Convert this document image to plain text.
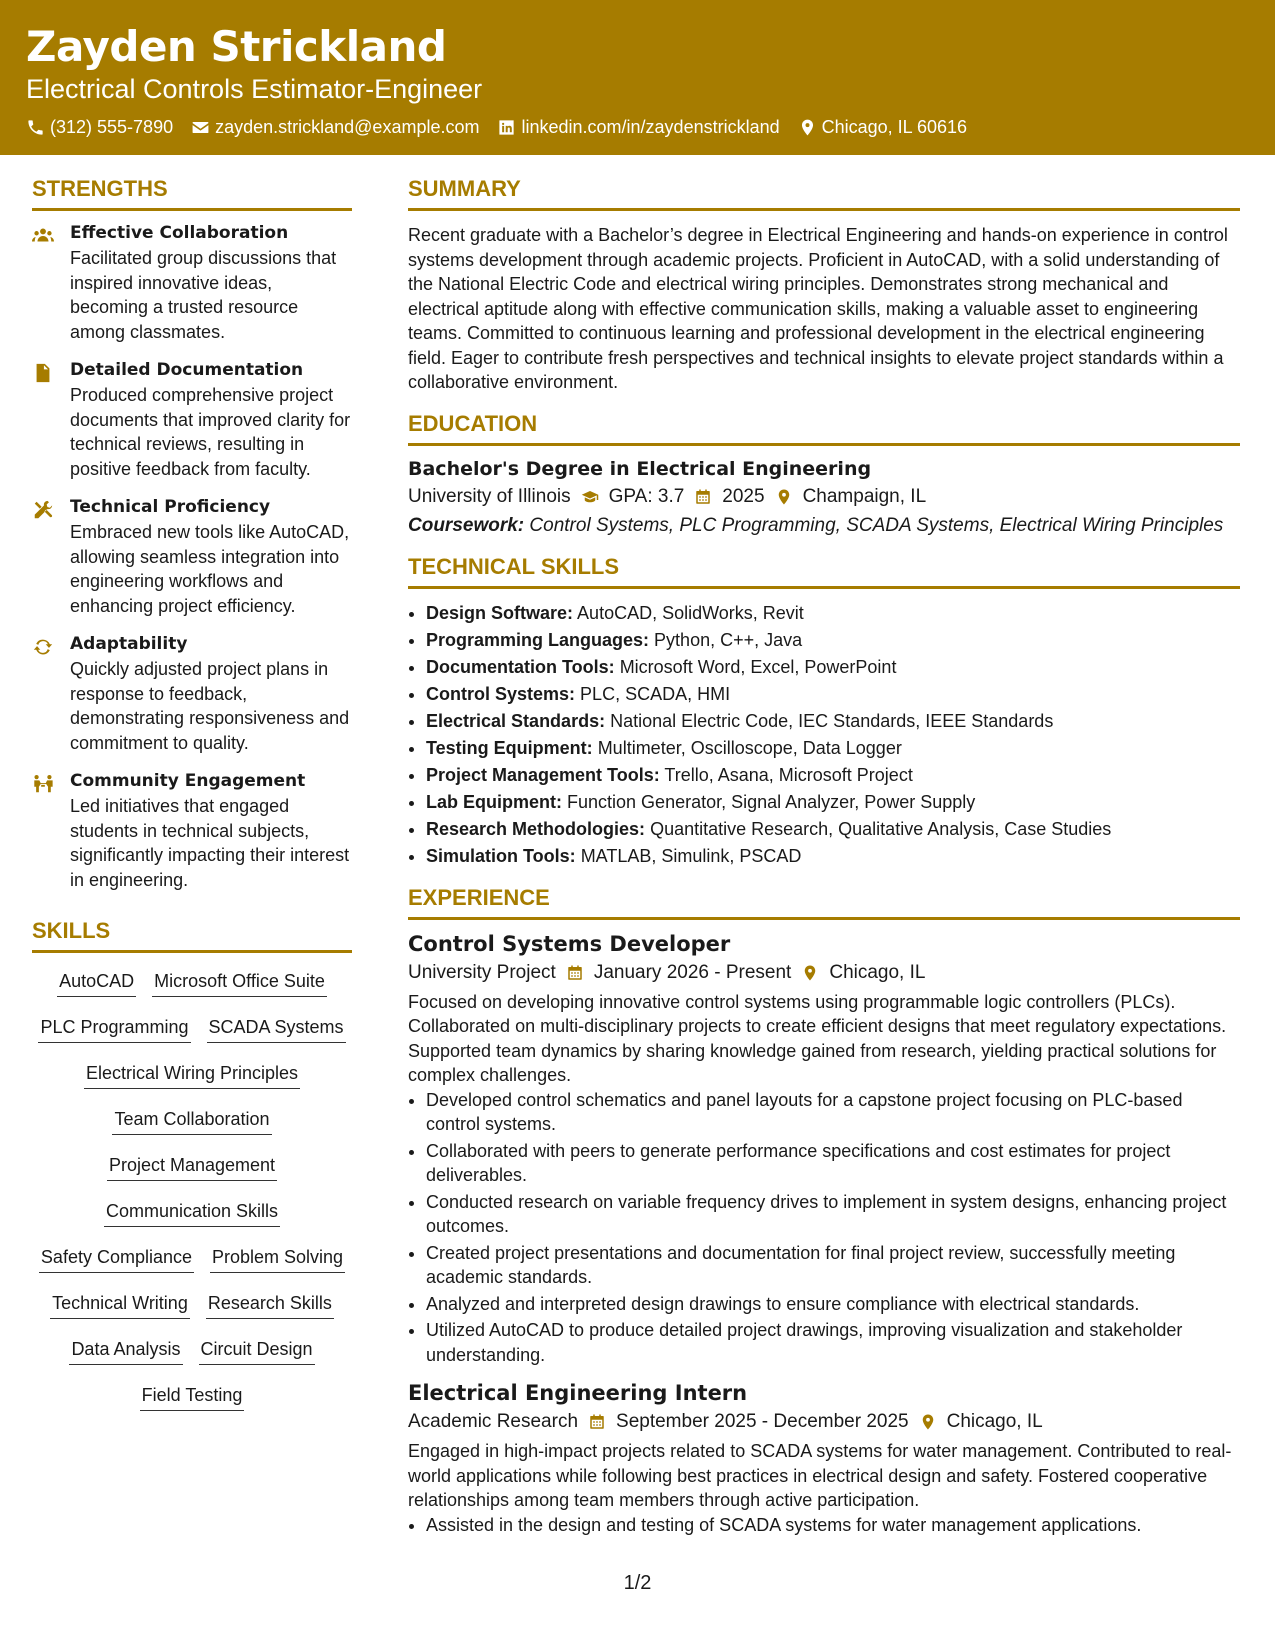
Zayden Strickland
Electrical Controls Estimator-Engineer
(312) 555-7890 zayden.strickland@example.com linkedin.com/in/zaydenstrickland Chicago, IL 60616
STRENGTHS
Effective Collaboration
Facilitated group discussions that inspired innovative ideas, becoming a trusted resource among classmates.
Detailed Documentation
Produced comprehensive project documents that improved clarity for technical reviews, resulting in positive feedback from faculty.
Technical Proficiency
Embraced new tools like AutoCAD, allowing seamless integration into engineering workflows and enhancing project efficiency.
Adaptability
Quickly adjusted project plans in response to feedback, demonstrating responsiveness and commitment to quality.
Community Engagement
Led initiatives that engaged students in technical subjects, significantly impacting their interest in engineering.
SKILLS
AutoCAD Microsoft Office Suite
PLC Programming SCADA Systems
Electrical Wiring Principles
Team Collaboration
Project Management
Communication Skills
Safety Compliance Problem Solving
Technical Writing Research Skills
Data Analysis Circuit Design
Field Testing
SUMMARY

Recent graduate with a Bachelor’s degree in Electrical Engineering and hands-on experience in control systems development through academic projects. Proficient in AutoCAD, with a solid understanding of the National Electric Code and electrical wiring principles. Demonstrates strong mechanical and electrical aptitude along with effective communication skills, making a valuable asset to engineering teams. Committed to continuous learning and professional development in the electrical engineering field. Eager to contribute fresh perspectives and technical insights to elevate project standards within a collaborative environment.

EDUCATION
Bachelor's Degree in Electrical Engineering
University of Illinois GPA: 3.7 2025 Champaign, IL
Coursework: Control Systems, PLC Programming, SCADA Systems, Electrical Wiring Principles
TECHNICAL SKILLS
• Design Software: AutoCAD, SolidWorks, Revit
• Programming Languages: Python, C++, Java
• Documentation Tools: Microsoft Word, Excel, PowerPoint
• Control Systems: PLC, SCADA, HMI
• Electrical Standards: National Electric Code, IEC Standards, IEEE Standards
• Testing Equipment: Multimeter, Oscilloscope, Data Logger
• Project Management Tools: Trello, Asana, Microsoft Project
• Lab Equipment: Function Generator, Signal Analyzer, Power Supply
• Research Methodologies: Quantitative Research, Qualitative Analysis, Case Studies
• Simulation Tools: MATLAB, Simulink, PSCAD
EXPERIENCE
Control Systems Developer
University Project January 2026 - Present Chicago, IL

Focused on developing innovative control systems using programmable logic controllers (PLCs). Collaborated on multi-disciplinary projects to create efficient designs that meet regulatory expectations. Supported team dynamics by sharing knowledge gained from research, yielding practical solutions for complex challenges.

• Developed control schematics and panel layouts for a capstone project focusing on PLC-based control systems.
• Collaborated with peers to generate performance specifications and cost estimates for project deliverables.
• Conducted research on variable frequency drives to implement in system designs, enhancing project outcomes.
• Created project presentations and documentation for final project review, successfully meeting academic standards.
• Analyzed and interpreted design drawings to ensure compliance with electrical standards.
• Utilized AutoCAD to produce detailed project drawings, improving visualization and stakeholder understanding.
Electrical Engineering Intern
Academic Research September 2025 - December 2025 Chicago, IL

Engaged in high-impact projects related to SCADA systems for water management. Contributed to real-world applications while following best practices in electrical design and safety. Fostered cooperative relationships among team members through active participation.

• Assisted in the design and testing of SCADA systems for water management applications.
1/2
